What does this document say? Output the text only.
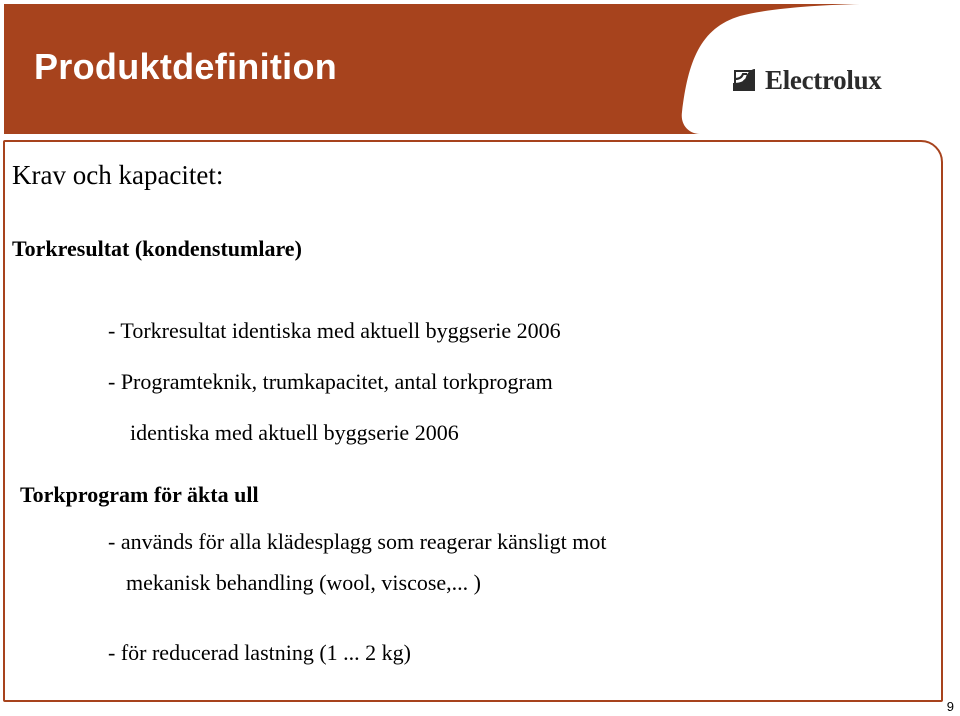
Produktdefinition	Electrolux
Krav och kapacitet:
Torkresultat (kondenstumlare)
- Torkresultat identiska med aktuell byggserie 2006
- Programteknik, trumkapacitet, antal torkprogram
identiska med aktuell byggserie 2006
Torkprogram för äkta ull
- används för alla klädesplagg som reagerar känsligt mot
mekanisk behandling (wool, viscose,... )
- för reducerad lastning (1 ... 2 kg)
9
